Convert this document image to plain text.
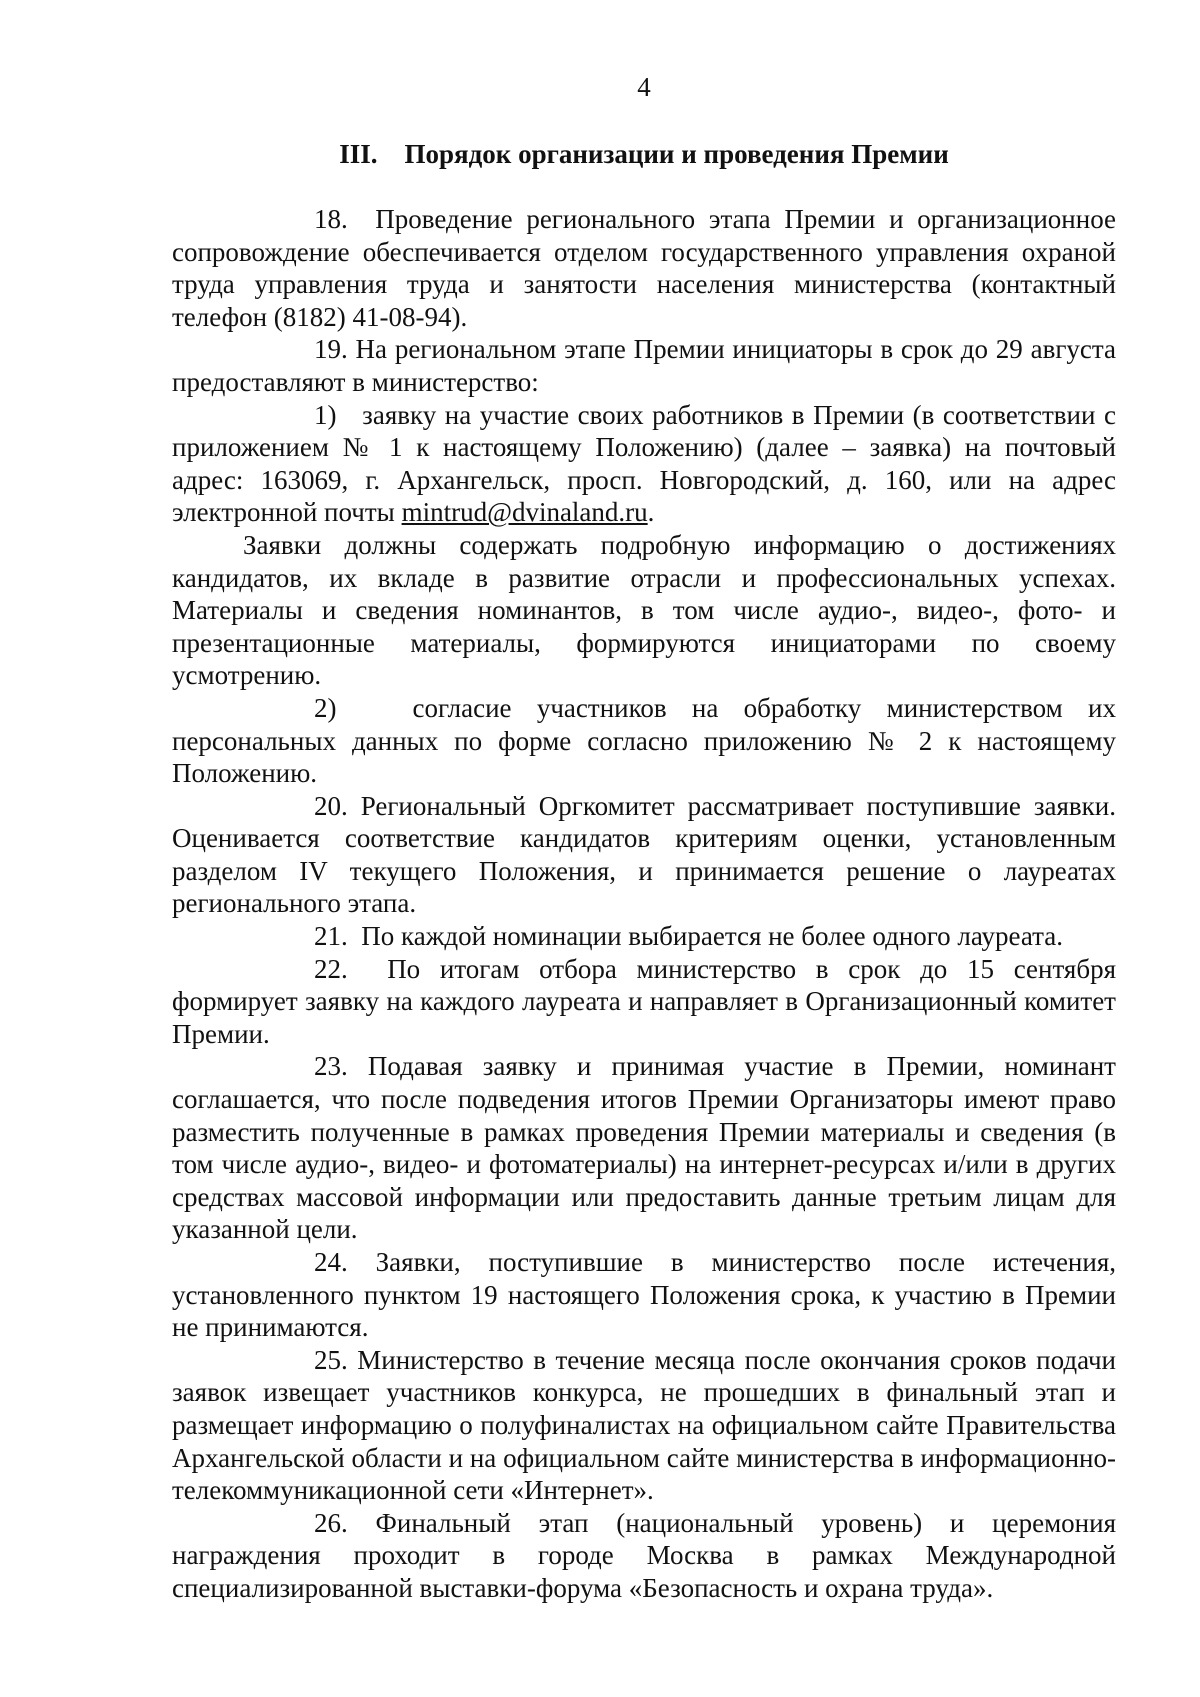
4
III. Порядок организации и проведения Премии

18. Проведение регионального этапа Премии и организационное сопровождение обеспечивается отделом государственного управления охраной труда управления труда и занятости населения министерства (контактный телефон (8182) 41-08-94).

19. На региональном этапе Премии инициаторы в срок до 29 августа предоставляют в министерство:

1) заявку на участие своих работников в Премии (в соответствии с приложением № 1 к настоящему Положению) (далее – заявка) на почтовый адрес: 163069, г. Архангельск, просп. Новгородский, д. 160, или на адрес электронной почты mintrud@dvinaland.ru.

Заявки должны содержать подробную информацию о достижениях кандидатов, их вкладе в развитие отрасли и профессиональных успехах. Материалы и сведения номинантов, в том числе аудио-, видео-, фото- и презентационные материалы, формируются инициаторами по своему усмотрению.

2)	согласие участников на обработку министерством их персональных данных по форме согласно приложению № 2 к настоящему Положению.

20. Региональный Оргкомитет рассматривает поступившие заявки. Оценивается соответствие кандидатов критериям оценки, установленным разделом IV текущего Положения, и принимается решение о лауреатах регионального этапа.

21. По каждой номинации выбирается не более одного лауреата.

22. По итогам отбора министерство в срок до 15 сентября формирует заявку на каждого лауреата и направляет в Организационный комитет Премии.

23. Подавая заявку и принимая участие в Премии, номинант соглашается, что после подведения итогов Премии Организаторы имеют право разместить полученные в рамках проведения Премии материалы и сведения (в том числе аудио-, видео- и фотоматериалы) на интернет-ресурсах и/или в других средствах массовой информации или предоставить данные третьим лицам для указанной цели.

24. Заявки, поступившие в министерство после истечения, установленного пунктом 19 настоящего Положения срока, к участию в Премии не принимаются.

25. Министерство в течение месяца после окончания сроков подачи заявок извещает участников конкурса, не прошедших в финальный этап и размещает информацию о полуфиналистах на официальном сайте Правительства Архангельской области и на официальном сайте министерства в информационно-телекоммуникационной сети «Интернет».

26. Финальный этап (национальный уровень) и церемония награждения проходит в городе Москва в рамках Международной специализированной выставки-форума «Безопасность и охрана труда».
